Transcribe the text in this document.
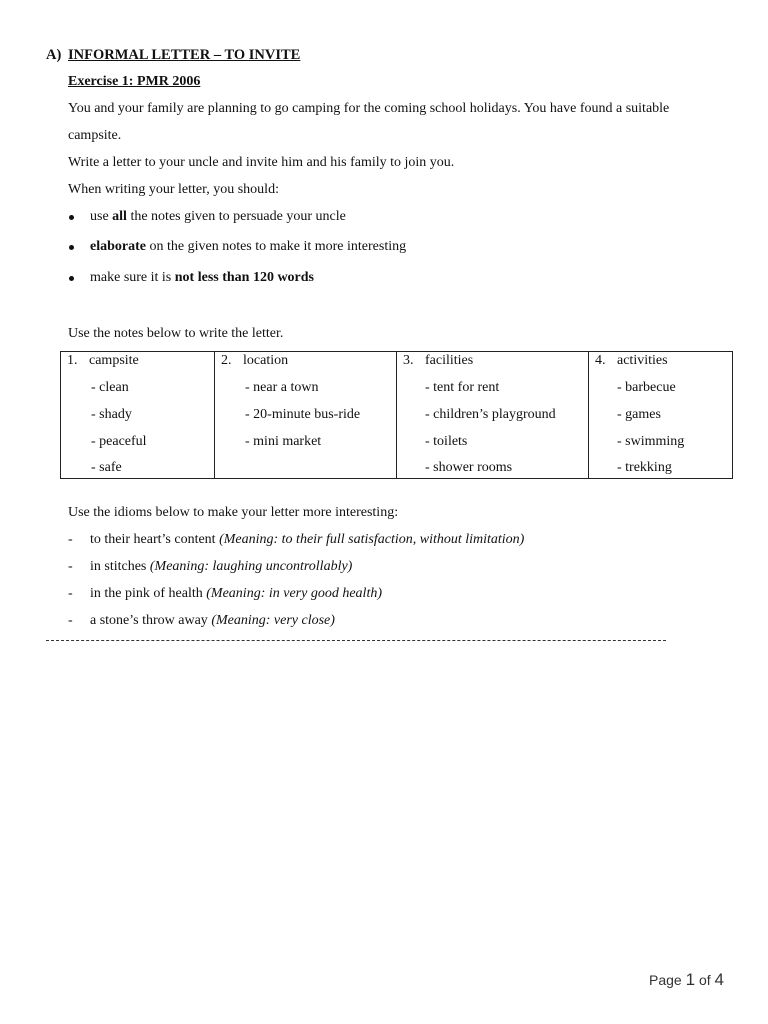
A) INFORMAL LETTER – TO INVITE
Exercise 1: PMR 2006
You and your family are planning to go camping for the coming school holidays. You have found a suitable
campsite.
Write a letter to your uncle and invite him and his family to join you.
When writing your letter, you should:
use all the notes given to persuade your uncle
elaborate on the given notes to make it more interesting
make sure it is not less than 120 words
Use the notes below to write the letter.
1. campsite
- clean
- shady
- peaceful
- safe

2. location
- near a town
- 20-minute bus-ride
- mini market

3. facilities
- tent for rent
- children’s playground
- toilets
- shower rooms

4. activities
- barbecue
- games
- swimming
- trekking
Use the idioms below to make your letter more interesting:
- to their heart’s content (Meaning: to their full satisfaction, without limitation)
- in stitches (Meaning: laughing uncontrollably)
- in the pink of health (Meaning: in very good health)
- a stone’s throw away (Meaning: very close)
Page 1 of 4
